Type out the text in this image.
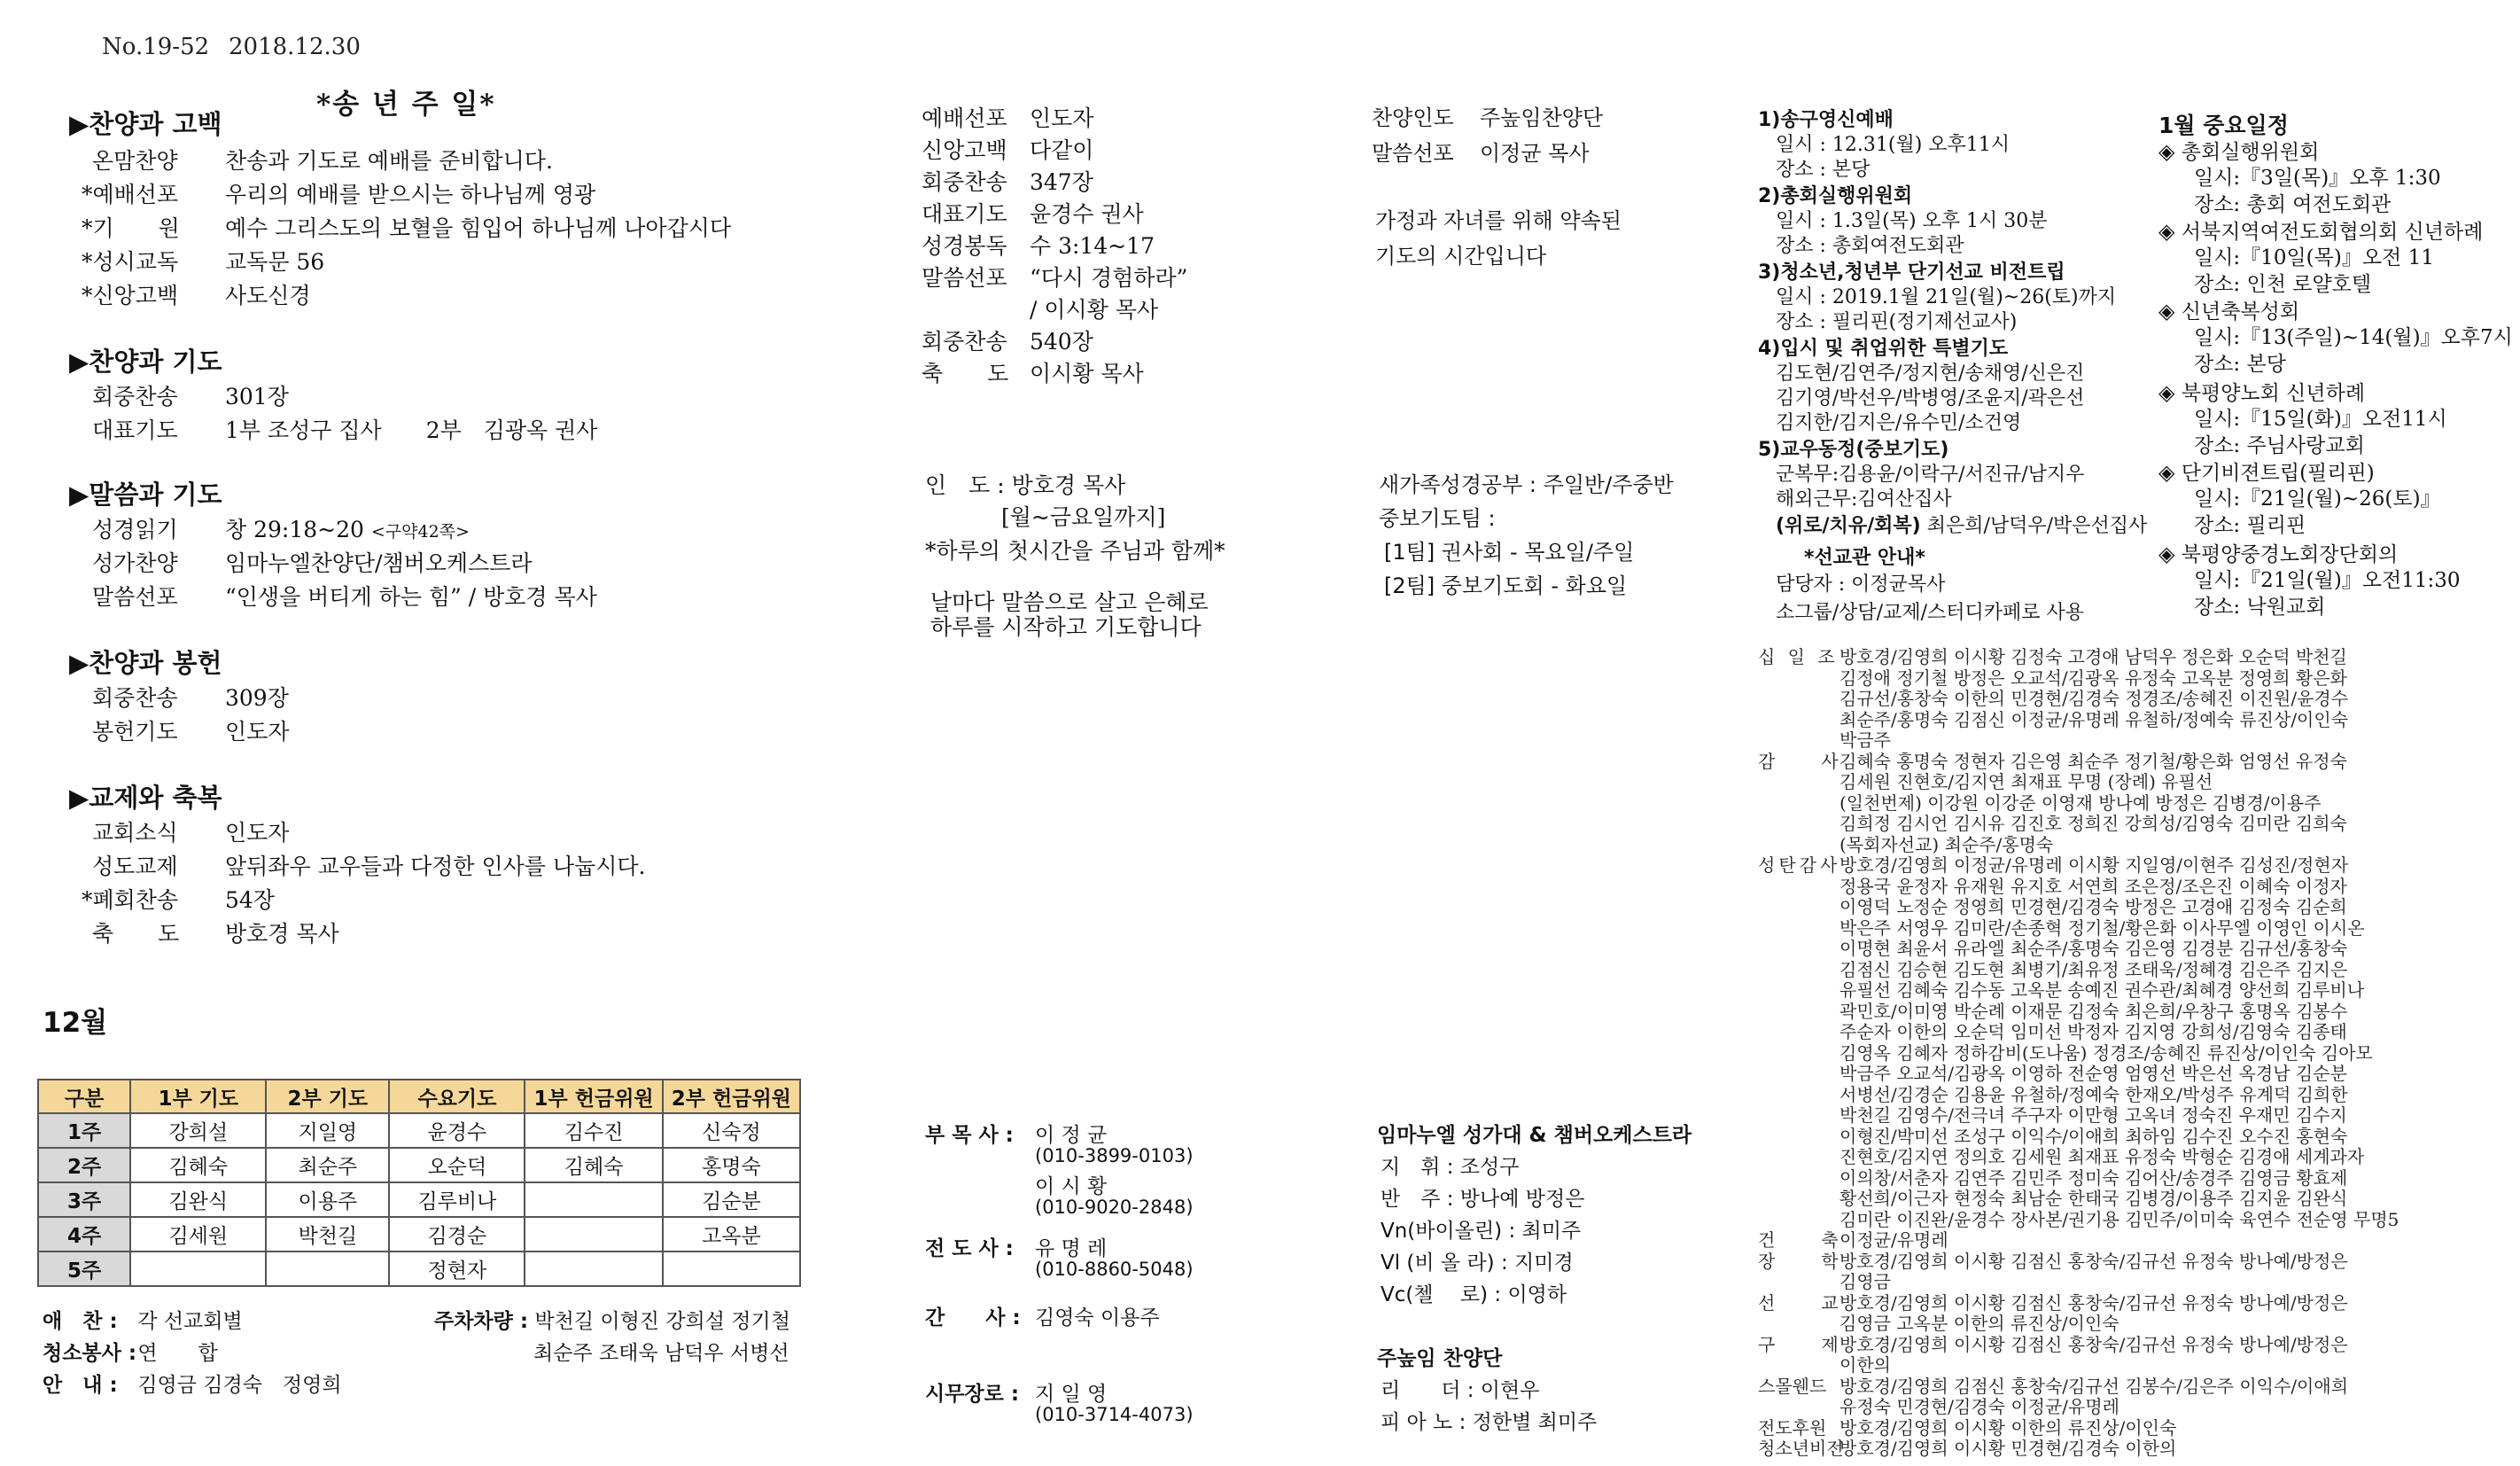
No.19-52 2018.12.30
*송 년 주 일*
▶찬양과 고백
온맘찬양 찬송과 기도로 예배를 준비합니다.
*예배선포 우리의 예배를 받으시는 하나님께 영광
*기　　원 예수 그리스도의 보혈을 힘입어 하나님께 나아갑시다
*성시교독 교독문 56
*신앙고백 사도신경
▶찬양과 기도
회중찬송 301장
대표기도 1부 조성구 집사　　2부　김광옥 권사
▶말씀과 기도
성경읽기 창 29:18~20 <구약42쪽>
성가찬양 임마누엘찬양단/챔버오케스트라
말씀선포 “인생을 버티게 하는 힘” / 방호경 목사
▶찬양과 봉헌
회중찬송 309장
봉헌기도 인도자
▶교제와 축복
교회소식 인도자
성도교제 앞뒤좌우 교우들과 다정한 인사를 나눕시다.
*폐회찬송 54장
축　　도 방호경 목사
12월
구분	1부 기도	2부 기도	수요기도	1부 헌금위원	2부 헌금위원
1주	강희설	지일영	윤경수	김수진	신숙정
2주	김혜숙	최순주	오순덕	김혜숙	홍명숙
3주	김완식	이용주	김루비나		김순분
4주	김세원	박천길	김경순		고옥분
5주			정현자		
애　찬 : 각 선교회별
청소봉사 : 연　　합
안　내 : 김영금 김경숙　정영희
주차차량 : 박천길 이형진 강희설 정기철
최순주 조태욱 남덕우 서병선
예배선포 인도자
신앙고백 다같이
회중찬송 347장
대표기도 윤경수 권사
성경봉독 수 3:14~17
말씀선포 “다시 경험하라”
/ 이시황 목사
회중찬송 540장
축　　도 이시황 목사
인　도 : 방호경 목사
[월~금요일까지]
*하루의 첫시간을 주님과 함께*
날마다 말씀으로 살고 은혜로
하루를 시작하고 기도합니다
부 목 사 : 이 정 균
(010-3899-0103)
이 시 황
(010-9020-2848)
전 도 사 : 유 명 레
(010-8860-5048)
간　　사 : 김영숙 이용주
시무장로 : 지 일 영
(010-3714-4073)
찬양인도 주높임찬양단
말씀선포 이정균 목사
가정과 자녀를 위해 약속된
기도의 시간입니다
새가족성경공부 : 주일반/주중반
중보기도팀 :
[1팀] 권사회 - 목요일/주일
[2팀] 중보기도회 - 화요일
임마누엘 성가대 & 챔버오케스트라
지　휘 : 조성구
반　주 : 방나예 방정은
Vn(바이올린) : 최미주
Vl (비 올 라) : 지미경
Vc(첼　 로) : 이영하
주높임 찬양단
리　　더 : 이현우
피 아 노 : 정한별 최미주
1)송구영신예배
일시 : 12.31(월) 오후11시
장소 : 본당
2)총회실행위원회
일시 : 1.3일(목) 오후 1시 30분
장소 : 총회여전도회관
3)청소년,청년부 단기선교 비전트립
일시 : 2019.1월 21일(월)~26(토)까지
장소 : 필리핀(정기제선교사)
4)입시 및 취업위한 특별기도
김도현/김연주/정지현/송채영/신은진
김기영/박선우/박병영/조윤지/곽은선
김지한/김지은/유수민/소건영
5)교우동정(중보기도)
군복무:김용윤/이락구/서진규/남지우
해외근무:김여산집사
(위로/치유/회복) 최은희/남덕우/박은선집사
*선교관 안내*
담당자 : 이정균목사
소그룹/상담/교제/스터디카페로 사용
1월 중요일정
◈ 총회실행위원회
일시:『3일(목)』오후 1:30
장소: 총회 여전도회관
◈ 서북지역여전도회협의회 신년하례
일시:『10일(목)』오전 11
장소: 인천 로얄호텔
◈ 신년축복성회
일시:『13(주일)~14(월)』오후7시
장소: 본당
◈ 북평양노회 신년하례
일시:『15일(화)』오전11시
장소: 주님사랑교회
◈ 단기비젼트립(필리핀)
일시:『21일(월)~26(토)』
장소: 필리핀
◈ 북평양중경노회장단회의
일시:『21일(월)』오전11:30
장소: 낙원교회
십 일 조방호경/김영희 이시황 김정숙 고경애 남덕우 정은화 오순덕 박천길
김정애 정기철 방정은 오교석/김광옥 유정숙 고옥분 정영희 황은화
김규선/홍창숙 이한의 민경현/김경숙 정경조/송혜진 이진원/윤경수
최순주/홍명숙 김점신 이정균/유명레 유철하/정예숙 류진상/이인숙
박금주
감　　사김혜숙 홍명숙 정현자 김은영 최순주 정기철/황은화 엄영선 유정숙
김세원 진현호/김지연 최재표 무명 (장례) 유필선
(일천번제) 이강원 이강준 이영재 방나예 방정은 김병경/이용주
김희정 김시언 김시유 김진호 정희진 강희성/김영숙 김미란 김희숙
(목회자선교) 최순주/홍명숙
성탄감사방호경/김영희 이정균/유명레 이시황 지일영/이현주 김성진/정현자
정용국 윤정자 유재원 유지호 서연희 조은정/조은진 이혜숙 이정자
이영덕 노정순 정영희 민경현/김경숙 방정은 고경애 김정숙 김순희
박은주 서영우 김미란/손종혁 정기철/황은화 이사무엘 이영인 이시온
이명현 최윤서 유라엘 최순주/홍명숙 김은영 김경분 김규선/홍창숙
김점신 김승현 김도현 최병기/최유정 조태욱/정혜경 김은주 김지은
유필선 김혜숙 김수동 고옥분 송예진 권수관/최혜경 양선희 김루비나
곽민호/이미영 박순례 이재문 김정숙 최은희/우창구 홍명옥 김봉수
주순자 이한의 오순덕 임미선 박정자 김지영 강희성/김영숙 김종태
김영옥 김혜자 정하감비(도나움) 정경조/송혜진 류진상/이인숙 김아모
박금주 오교석/김광옥 이영하 전순영 엄영선 박은선 옥경남 김순분
서병선/김경순 김용윤 유철하/정예숙 한재오/박성주 유계덕 김희한
박천길 김영수/전극녀 주구자 이만형 고옥녀 정숙진 우재민 김수지
이형진/박미선 조성구 이익수/이애희 최하임 김수진 오수진 홍현숙
진현호/김지연 정의호 김세원 최재표 유정숙 박형순 김경애 세계과자
이의창/서춘자 김연주 김민주 정미숙 김어산/송경주 김영금 황효제
황선희/이근자 현정숙 최남순 한태국 김병경/이용주 김지윤 김완식
김미란 이진완/윤경수 장사본/권기용 김민주/이미숙 육연수 전순영 무명5
건　　축이정균/유명레
장　　학방호경/김영희 이시황 김점신 홍창숙/김규선 유정숙 방나예/방정은
김영금
선　　교방호경/김영희 이시황 김점신 홍창숙/김규선 유정숙 방나예/방정은
김영금 고옥분 이한의 류진상/이인숙
구　　제방호경/김영희 이시황 김점신 홍창숙/김규선 유정숙 방나예/방정은
이한의
스몰웬드 방호경/김영희 김점신 홍창숙/김규선 김봉수/김은주 이익수/이애희
유정숙 민경현/김경숙 이정균/유명레
전도후원 방호경/김영희 이시황 이한의 류진상/이인숙
청소년비전방호경/김영희 이시황 민경현/김경숙 이한의
